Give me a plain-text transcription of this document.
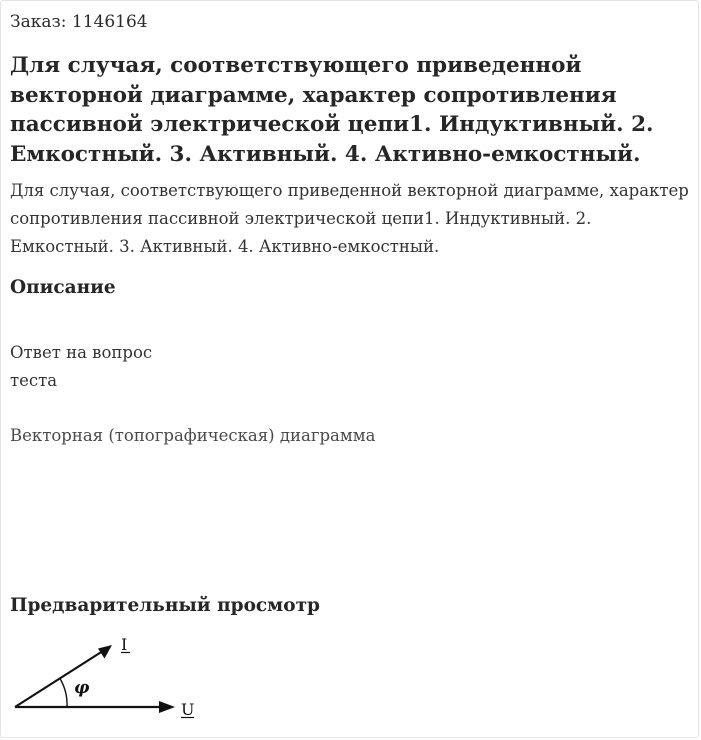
Заказ: 1146164
Для случая, соответствующего приведенной векторной диаграмме, характер сопротивления пассивной электрической цепи1. Индуктивный. 2. Емкостный. 3. Активный. 4. Активно-емкостный.

Для случая, соответствующего приведенной векторной диаграмме, характер сопротивления пассивной электрической цепи1. Индуктивный. 2. Емкостный. 3. Активный. 4. Активно-емкостный.

Описание
Ответ на вопрос
теста
Векторная (топографическая) диаграмма
Предварительный просмотр
φ
I
U
